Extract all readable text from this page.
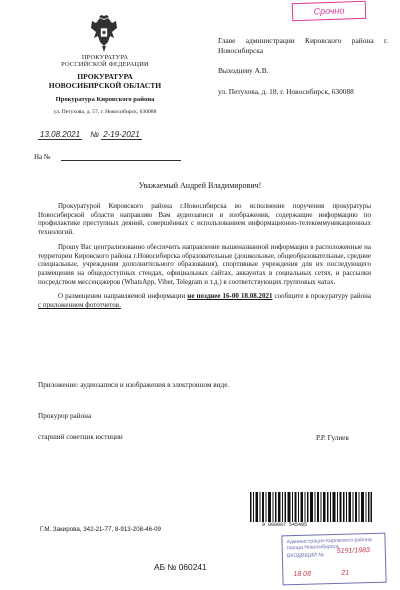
Срочно
ПРОКУРАТУРА
РОССИЙСКОЙ ФЕДЕРАЦИИ
ПРОКУРАТУРА
НОВОСИБИРСКОЙ ОБЛАСТИ
Прокуратура Кировского района
ул. Петухова, д. 57, г. Новосибирск, 630088
13.08.2021 № 2-19-2021
На №

Главе администрации Кировского района г. Новосибирска

Выходцеву А.В.

ул. Петухова, д. 18, г. Новосибирск, 630088

Уважаемый Андрей Владимирович!

Прокуратурой Кировского района г.Новосибирска во исполнение поручения прокуратуры Новосибирской области направляю Вам аудиозаписи и изображения, содержащие информацию по профилактике преступных деяний, совершённых с использованием информационно-телекоммуникационных технологий.

Прошу Вас централизованно обеспечить направление вышеназванной информации в расположенные на территории Кировского района г.Новосибирска образовательные (дошкольные, общеобразовательные, средние специальные, учреждения дополнительного образования), спортивные учреждения для их последующего размещения на общедоступных стендах, официальных сайтах, аккаунтах в социальных сетях, и рассылки посредством мессенджеров (WhatsApp, Viber, Telegram и т.д.) в соответствующих групповых чатах.

О размещении направляемой информации не позднее 16-00 18.08.2021 сообщите в прокуратуру района с приложением фототчетов.

Приложение: аудиозаписи и изображения в электронном виде.
Прокурор района
старший советник юстиции	Р.Р. Гулиев
9 000007 545495
Г.М. Закирова, 342-21-77, 8-913-208-46-09
АБ № 060241
Администрация Кировского района города Новосибирска
ВХОДЯЩИЙ №
5191/1983
18 08	21
